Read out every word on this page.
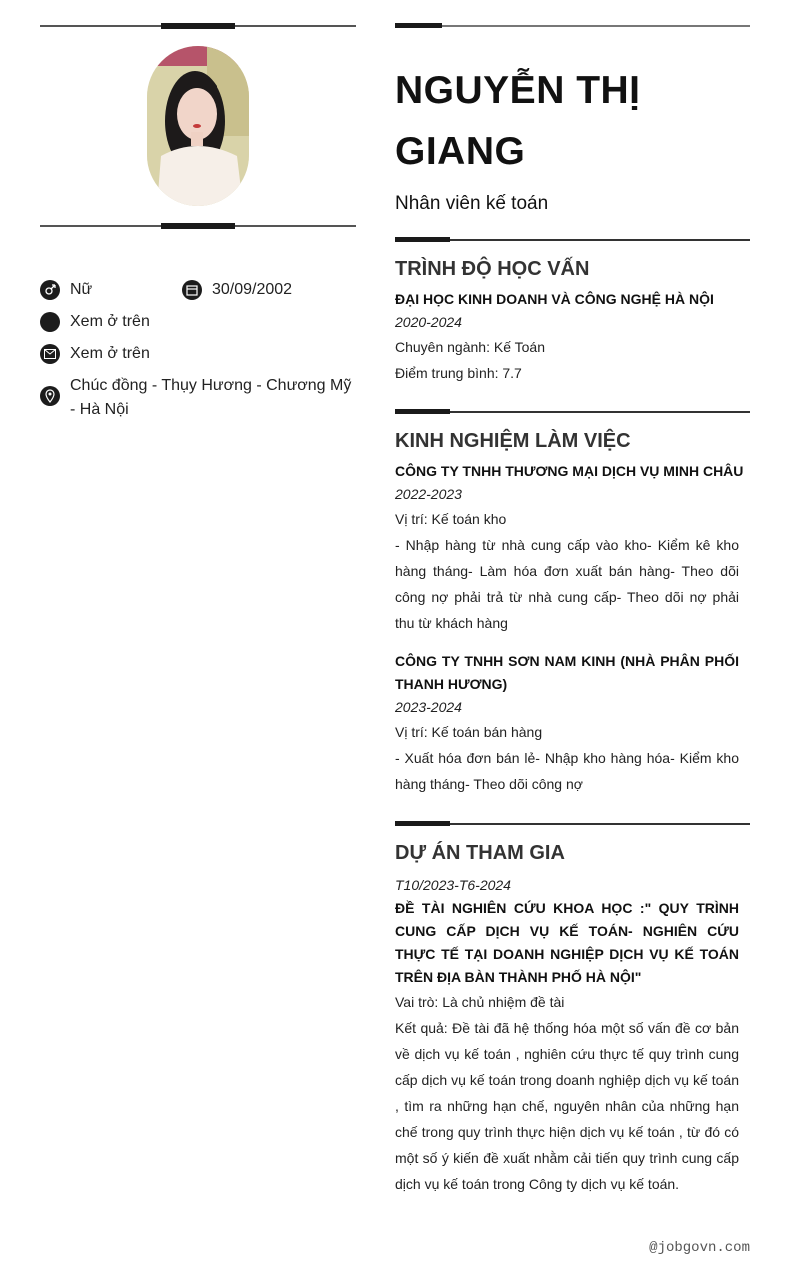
Nữ	30/09/2002
Xem ở trên
Xem ở trên
Chúc đồng - Thụy Hương - Chương Mỹ - Hà Nội
NGUYỄN THỊ
GIANG
Nhân viên kế toán
TRÌNH ĐỘ HỌC VẤN
ĐẠI HỌC KINH DOANH VÀ CÔNG NGHỆ HÀ NỘI
2020-2024
Chuyên ngành: Kế Toán
Điểm trung bình: 7.7
KINH NGHIỆM LÀM VIỆC
CÔNG TY TNHH THƯƠNG MẠI DỊCH VỤ MINH CHÂU
2022-2023
Vị trí: Kế toán kho
- Nhập hàng từ nhà cung cấp vào kho- Kiểm kê kho hàng tháng- Làm hóa đơn xuất bán hàng- Theo dõi công nợ phải trả từ nhà cung cấp- Theo dõi nợ phải thu từ khách hàng
CÔNG TY TNHH SƠN NAM KINH (NHÀ PHÂN PHỐI THANH HƯƠNG)
2023-2024
Vị trí: Kế toán bán hàng
- Xuất hóa đơn bán lẻ- Nhập kho hàng hóa- Kiểm kho hàng tháng- Theo dõi công nợ
DỰ ÁN THAM GIA
T10/2023-T6-2024
ĐỀ TÀI NGHIÊN CỨU KHOA HỌC :" QUY TRÌNH CUNG CẤP DỊCH VỤ KẾ TOÁN- NGHIÊN CỨU THỰC TẾ TẠI DOANH NGHIỆP DỊCH VỤ KẾ TOÁN TRÊN ĐỊA BÀN THÀNH PHỐ HÀ NỘI"
Vai trò: Là chủ nhiệm đề tài
Kết quả: Đề tài đã hệ thống hóa một số vấn đề cơ bản về dịch vụ kế toán , nghiên cứu thực tế quy trình cung cấp dịch vụ kế toán trong doanh nghiệp dịch vụ kế toán , tìm ra những hạn chế, nguyên nhân của những hạn chế trong quy trình thực hiện dịch vụ kế toán , từ đó có một số ý kiến đề xuất nhằm cải tiến quy trình cung cấp dịch vụ kế toán trong Công ty dịch vụ kế toán.
@jobgovn.com
